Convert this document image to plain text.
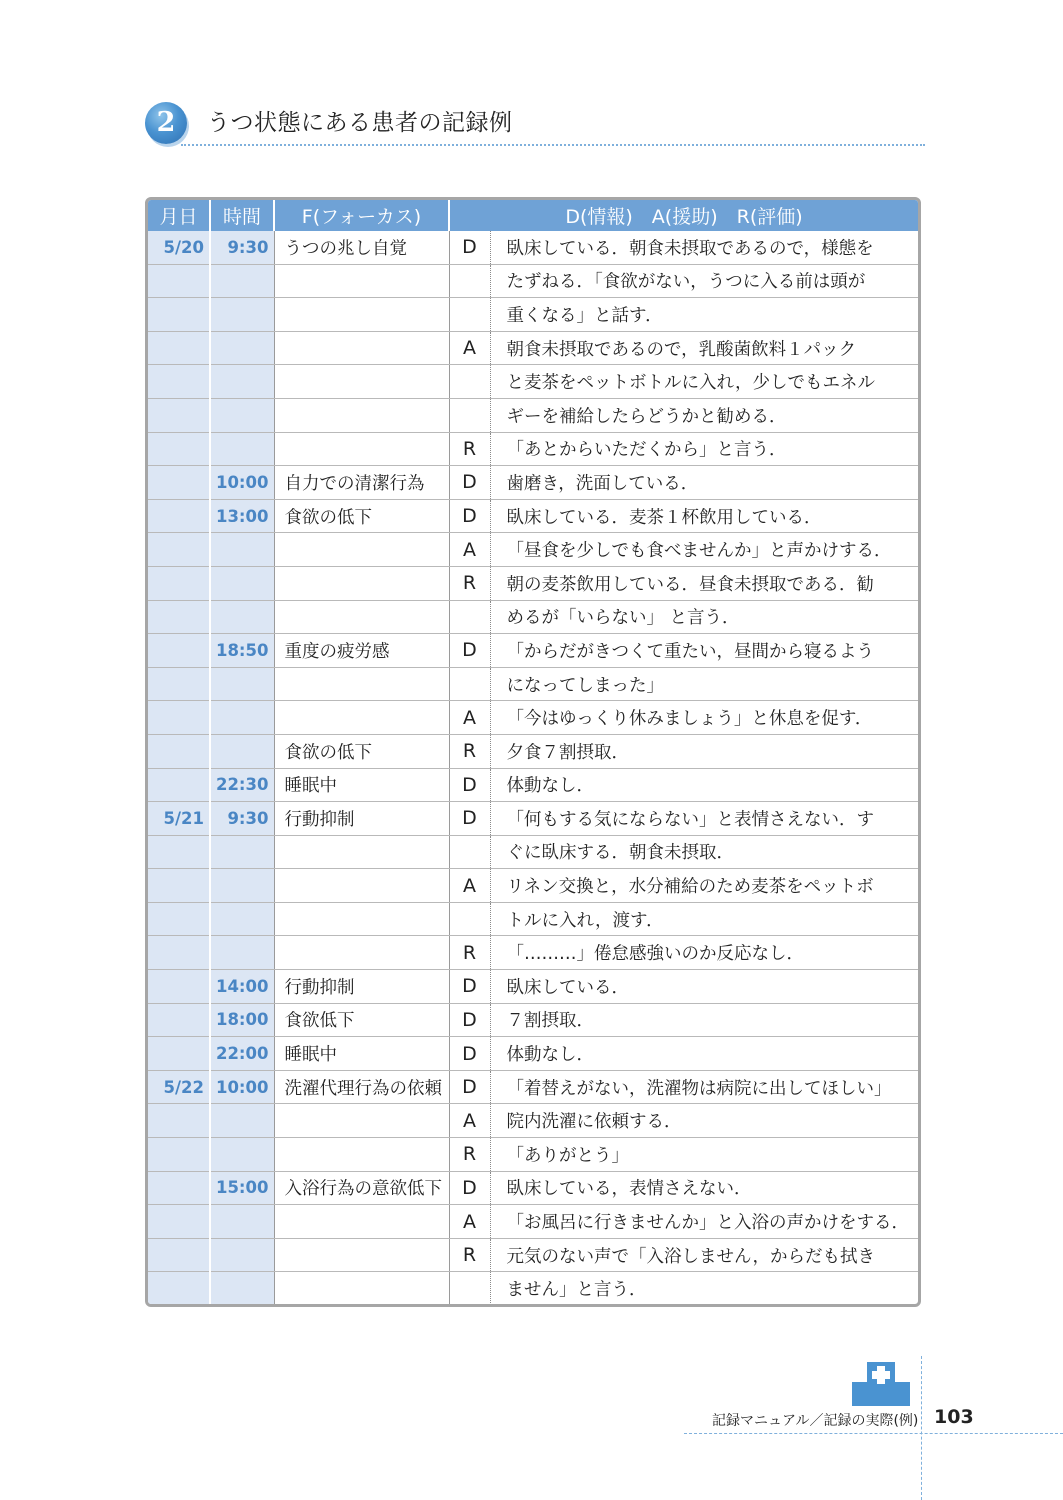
2	うつ状態にある患者の記録例
月日	時間	F(フォーカス)	D(情報)　A(援助)　R(評価)	
5/20	9:30	うつの兆し自覚	D	臥床している．朝食未摂取であるので，様態を
				たずねる．「食欲がない，うつに入る前は頭が
				重くなる」と話す．
			A	朝食未摂取であるので，乳酸菌飲料１パック
				と麦茶をペットボトルに入れ，少しでもエネル
				ギーを補給したらどうかと勧める．
			R	「あとからいただくから」と言う．
	10:00	自力での清潔行為	D	歯磨き，洗面している．
	13:00	食欲の低下	D	臥床している．麦茶１杯飲用している．
			A	「昼食を少しでも食べませんか」と声かけする．
			R	朝の麦茶飲用している．昼食未摂取である．勧
				めるが「いらない」 と言う．
	18:50	重度の疲労感	D	「からだがきつくて重たい，昼間から寝るよう
				になってしまった」
			A	「今はゆっくり休みましょう」と休息を促す．
		食欲の低下	R	夕食７割摂取．
	22:30	睡眠中	D	体動なし．
5/21	9:30	行動抑制	D	「何もする気にならない」と表情さえない．す
				ぐに臥床する．朝食未摂取．
			A	リネン交換と，水分補給のため麦茶をペットボ
				トルに入れ，渡す．
			R	「………」倦怠感強いのか反応なし．
	14:00	行動抑制	D	臥床している．
	18:00	食欲低下	D	７割摂取．
	22:00	睡眠中	D	体動なし．
5/22	10:00	洗濯代理行為の依頼	D	「着替えがない，洗濯物は病院に出してほしい」
			A	院内洗濯に依頼する．
			R	「ありがとう」
	15:00	入浴行為の意欲低下	D	臥床している，表情さえない．
			A	「お風呂に行きませんか」と入浴の声かけをする．
			R	元気のない声で「入浴しません，からだも拭き
				ません」と言う．
記録マニュアル／記録の実際(例) 103
